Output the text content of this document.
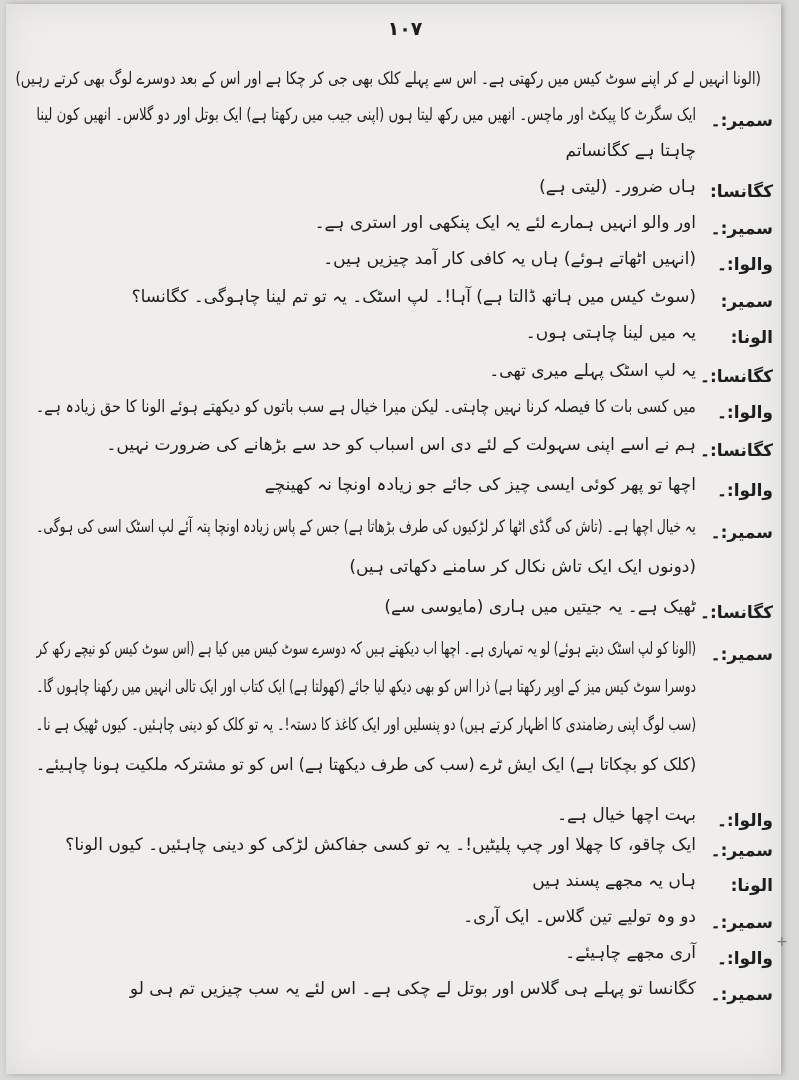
۱۰۷
+
(الونا انہیں لے کر اپنے سوٹ کیس میں رکھتی ہے۔ اس سے پہلے کلک بھی جی کر چکا ہے اور اس کے بعد دوسرے لوگ بھی کرتے رہیں)
سمیر:۔
ایک سگرٹ کا پیکٹ اور ماچس۔ انھیں میں رکھ لیتا ہوں (اپنی جیب میں رکھتا ہے) ایک بوتل اور دو گلاس۔ انھیں کون لینا
چاہتا ہے کگانساتم
کگانسا:
ہاں ضرور۔ (لیتی ہے)
سمیر:۔
اور والو انہیں ہمارے لئے یہ ایک پنکھی اور استری ہے۔
والوا:۔
(انہیں اٹھاتے ہوئے) ہاں یہ کافی کار آمد چیزیں ہیں۔
سمیر:
(سوٹ کیس میں ہاتھ ڈالتا ہے) آہا!۔ لپ اسٹک۔ یہ تو تم لینا چاہوگی۔ کگانسا؟
الونا:
یہ میں لینا چاہتی ہوں۔
کگانسا:۔
یہ لپ اسٹک پہلے میری تھی۔
والوا:۔
میں کسی بات کا فیصلہ کرنا نہیں چاہتی۔ لیکن میرا خیال ہے سب باتوں کو دیکھتے ہوئے الونا کا حق زیادہ ہے۔
کگانسا:۔
ہم نے اسے اپنی سہولت کے لئے دی اس اسباب کو حد سے بڑھانے کی ضرورت نہیں۔
والوا:۔
اچھا تو پھر کوئی ایسی چیز کی جائے جو زیادہ اونچا نہ کھینچے
سمیر:۔
یہ خیال اچھا ہے۔ (تاش کی گڈی اٹھا کر لڑکیوں کی طرف بڑھاتا ہے) جس کے پاس زیادہ اونچا پتہ آئے لپ اسٹک اسی کی ہوگی۔
(دونوں ایک ایک تاش نکال کر سامنے دکھاتی ہیں)
کگانسا:۔
ٹھیک ہے۔ یہ جیتیں میں ہاری (مایوسی سے)
سمیر:۔
(الونا کو لپ اسٹک دیتے ہوئے) لو یہ تمہاری ہے۔ اچھا اب دیکھتے ہیں کہ دوسرے سوٹ کیس میں کیا ہے (اس سوٹ کیس کو نیچے رکھ کر
دوسرا سوٹ کیس میز کے اوپر رکھتا ہے) ذرا اس کو بھی دیکھ لیا جائے (کھولتا ہے) ایک کتاب اور ایک تالی انہیں میں رکھنا چاہوں گا۔
(سب لوگ اپنی رضامندی کا اظہار کرتے ہیں) دو پنسلیں اور ایک کاغذ کا دستہ!۔ یہ تو کلک کو دینی چاہئیں۔ کیوں ٹھیک ہے نا۔
(کلک کو بچکاتا ہے) ایک ایش ٹرے (سب کی طرف دیکھتا ہے) اس کو تو مشترکہ ملکیت ہونا چاہیئے۔
والوا:۔
بہت اچھا خیال ہے۔
سمیر:۔
ایک چاقو، کا چھلا اور چپ پلیٹیں!۔ یہ تو کسی جفاکش لڑکی کو دینی چاہئیں۔ کیوں الونا؟
الونا:
ہاں یہ مجھے پسند ہیں
سمیر:۔
دو وہ تولیے تین گلاس۔ ایک آری۔
والوا:۔
آری مجھے چاہیئے۔
سمیر:۔
کگانسا تو پہلے ہی گلاس اور بوتل لے چکی ہے۔ اس لئے یہ سب چیزیں تم ہی لو
